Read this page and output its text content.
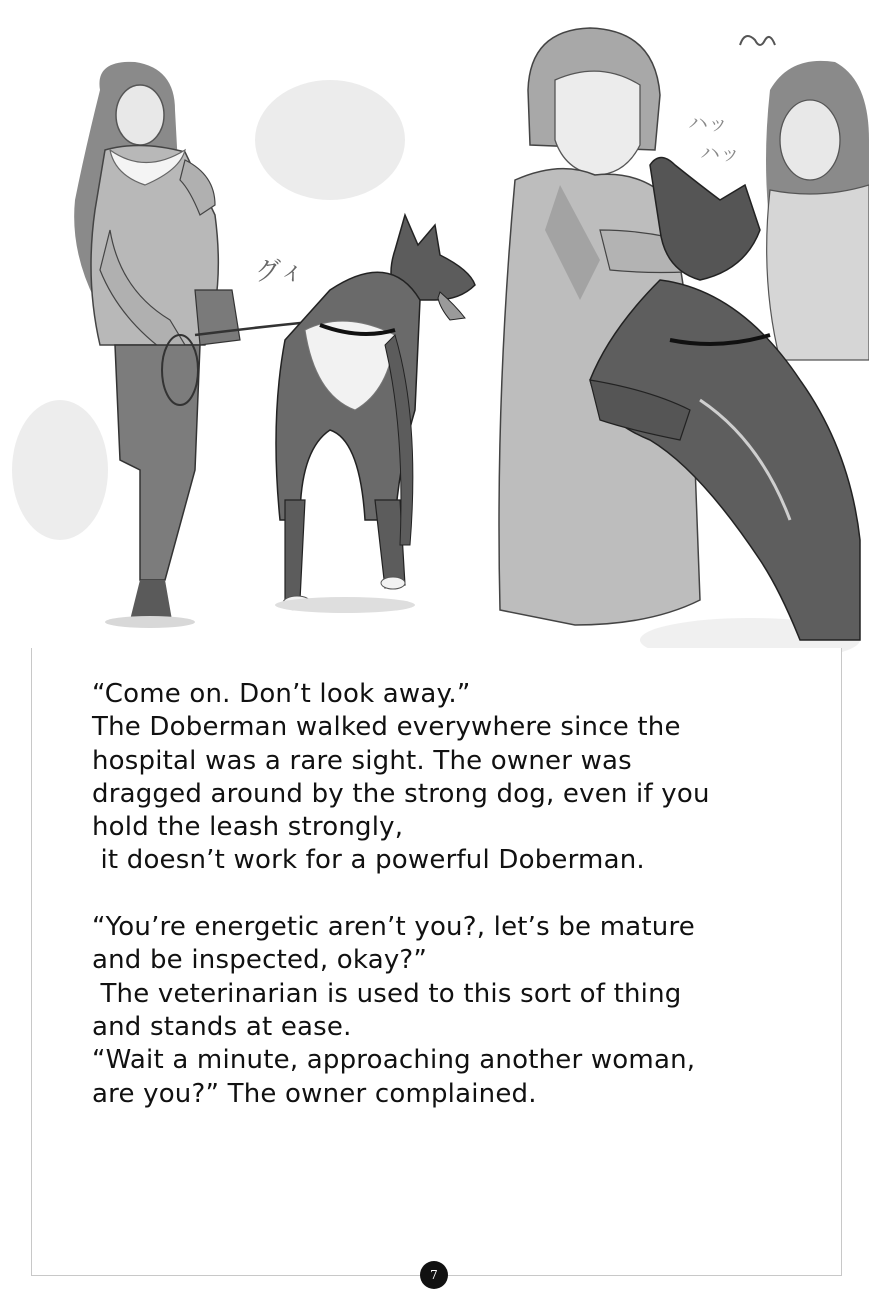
グィ
ハッ
ハッ
“Come on. Don’t look away.”
The Doberman walked everywhere since the
hospital was a rare sight. The owner was
dragged around by the strong dog, even if you
hold the leash strongly,
it doesn’t work for a powerful Doberman.
“You’re energetic aren’t you?, let’s be mature
and be inspected, okay?”
The veterinarian is used to this sort of thing
and stands at ease.
“Wait a minute, approaching another woman,
are you?” The owner complained.
7
